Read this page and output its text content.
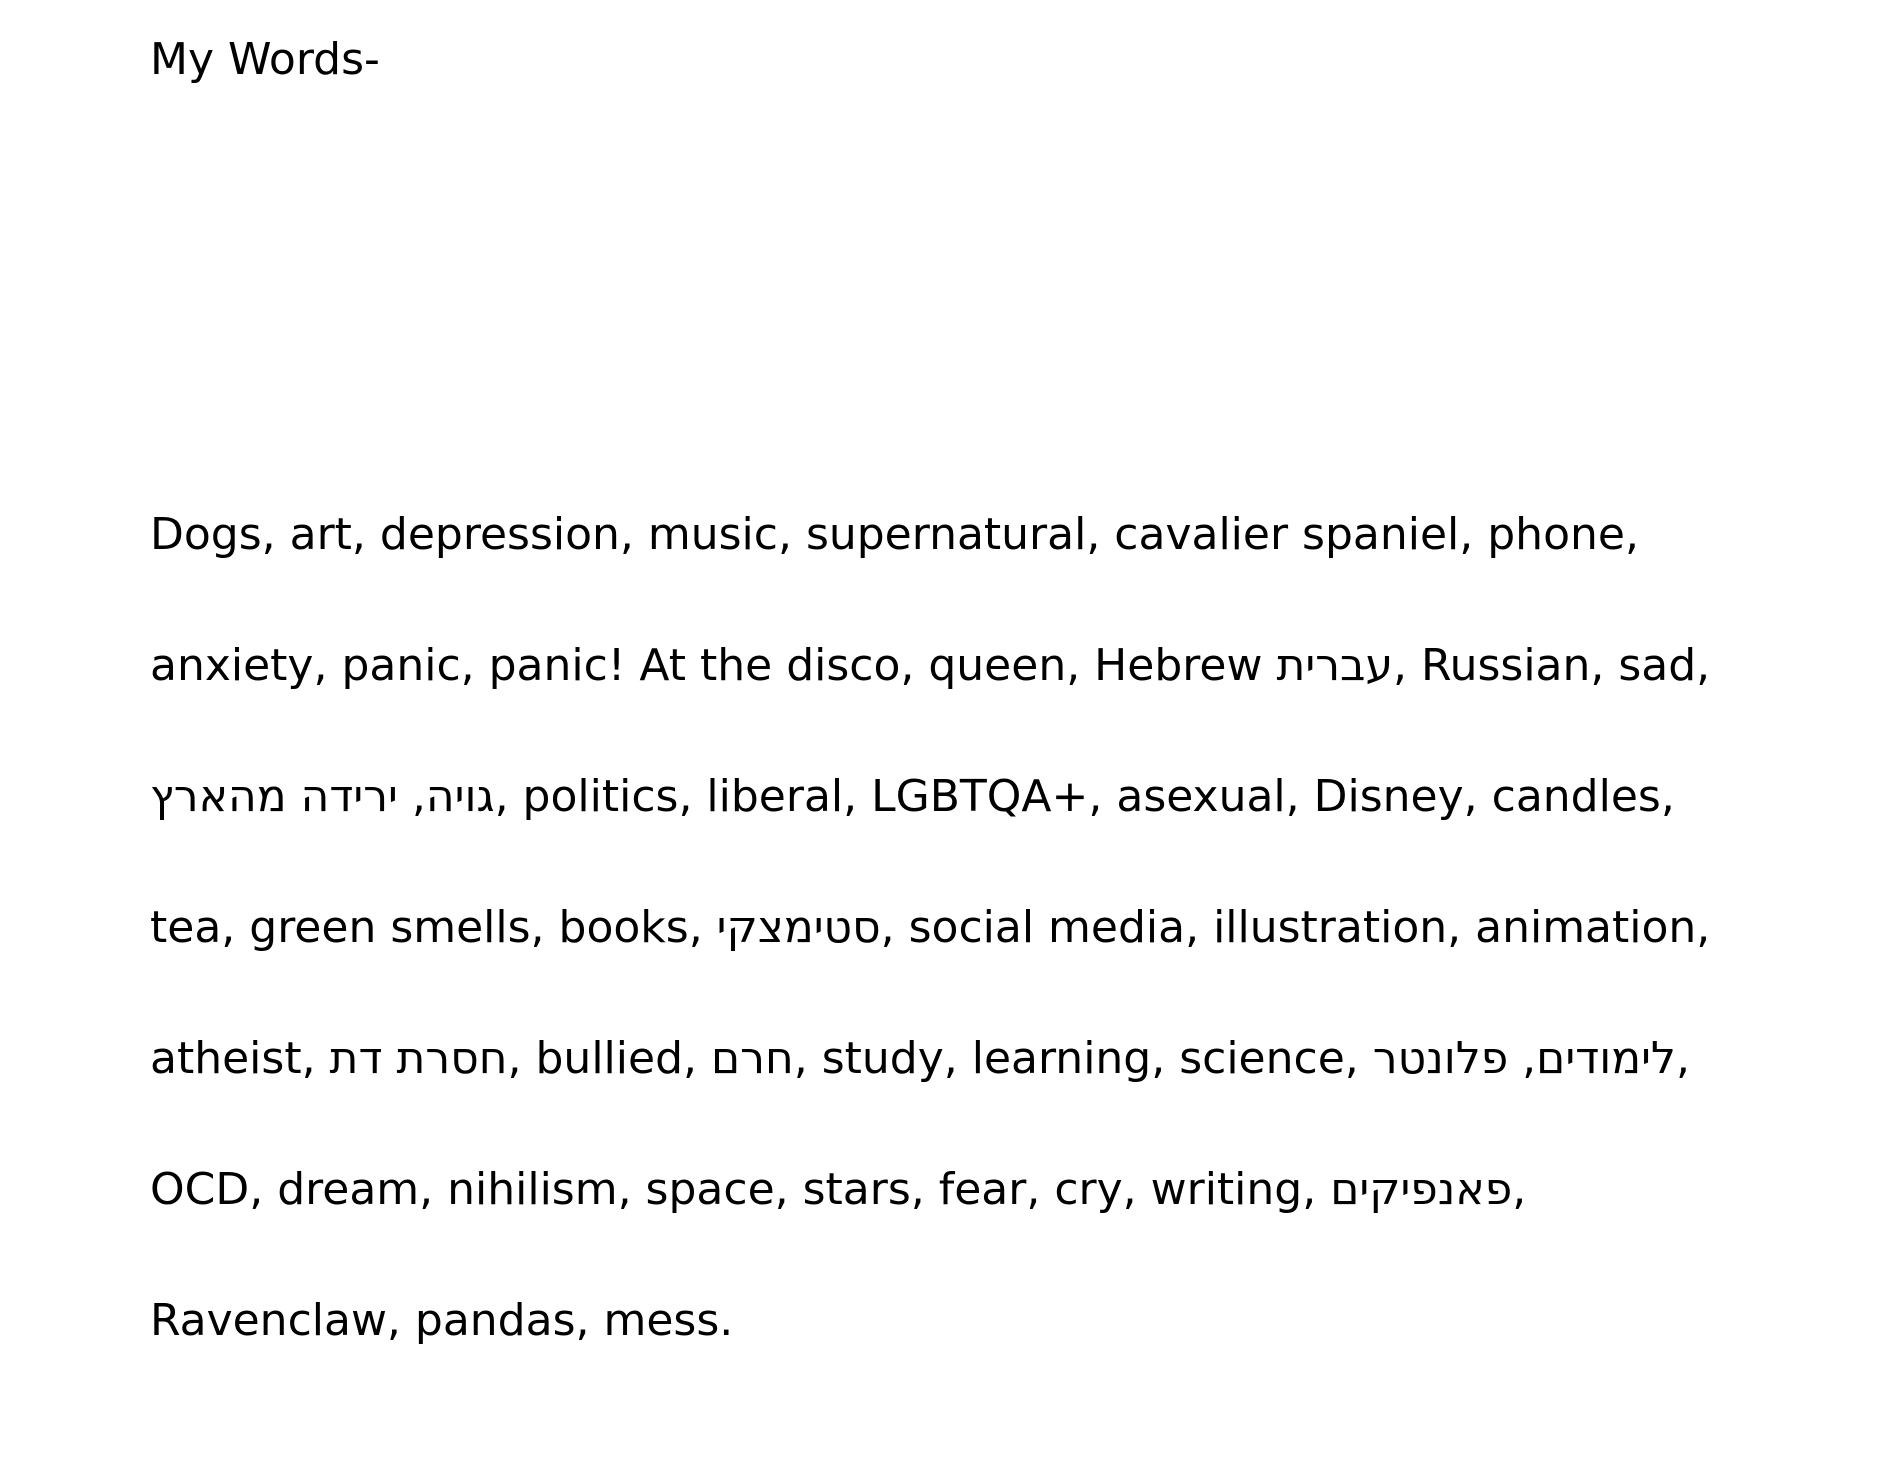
My Words-

Dogs, art, depression, music, supernatural, cavalier spaniel, phone,
anxiety, panic, panic! At the disco, queen, Hebrew עברית, Russian, sad,
גויה, ירידה מהארץ, politics, liberal, LGBTQA+, asexual, Disney, candles,
tea, green smells, books, סטימצקי, social media, illustration, animation,
atheist, חסרת דת, bullied, חרם, study, learning, science, לימודים, פלונטר,
OCD, dream, nihilism, space, stars, fear, cry, writing, פאנפיקים,
Ravenclaw, pandas, mess.
